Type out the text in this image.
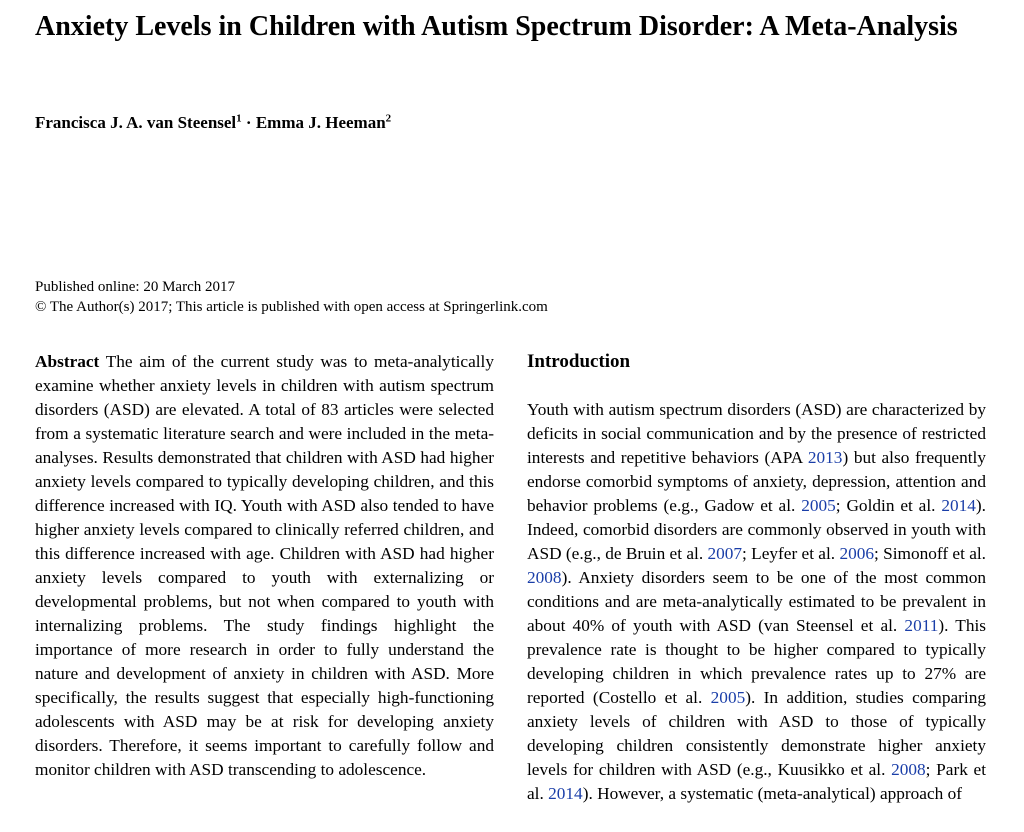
Anxiety Levels in Children with Autism Spectrum Disorder: A Meta-Analysis
Francisca J. A. van Steensel$^1$ · Emma J. Heeman$^2$
Published online: 20 March 2017
© The Author(s) 2017; This article is published with open access at Springerlink.com
Abstract The aim of the current study was to meta-analytically examine whether anxiety levels in children with autism spectrum disorders (ASD) are elevated. A total of 83 articles were selected from a systematic literature search and were included in the meta-analyses. Results demonstrated that children with ASD had higher anxiety levels compared to typically developing children, and this difference increased with IQ. Youth with ASD also tended to have higher anxiety levels compared to clinically referred children, and this difference increased with age. Children with ASD had higher anxiety levels compared to youth with externalizing or developmental problems, but not when compared to youth with internalizing problems. The study findings highlight the importance of more research in order to fully understand the nature and development of anxiety in children with ASD. More specifically, the results suggest that especially high-functioning adolescents with ASD may be at risk for developing anxiety disorders. Therefore, it seems important to carefully follow and monitor children with ASD transcending to adolescence.
Introduction
Youth with autism spectrum disorders (ASD) are characterized by deficits in social communication and by the presence of restricted interests and repetitive behaviors (APA 2013) but also frequently endorse comorbid symptoms of anxiety, depression, attention and behavior problems (e.g., Gadow et al. 2005; Goldin et al. 2014). Indeed, comorbid disorders are commonly observed in youth with ASD (e.g., de Bruin et al. 2007; Leyfer et al. 2006; Simonoff et al. 2008). Anxiety disorders seem to be one of the most common conditions and are meta-analytically estimated to be prevalent in about 40% of youth with ASD (van Steensel et al. 2011). This prevalence rate is thought to be higher compared to typically developing children in which prevalence rates up to 27% are reported (Costello et al. 2005). In addition, studies comparing anxiety levels of children with ASD to those of typically developing children consistently demonstrate higher anxiety levels for children with ASD (e.g., Kuusikko et al. 2008; Park et al. 2014). However, a systematic (meta-analytical) approach of
